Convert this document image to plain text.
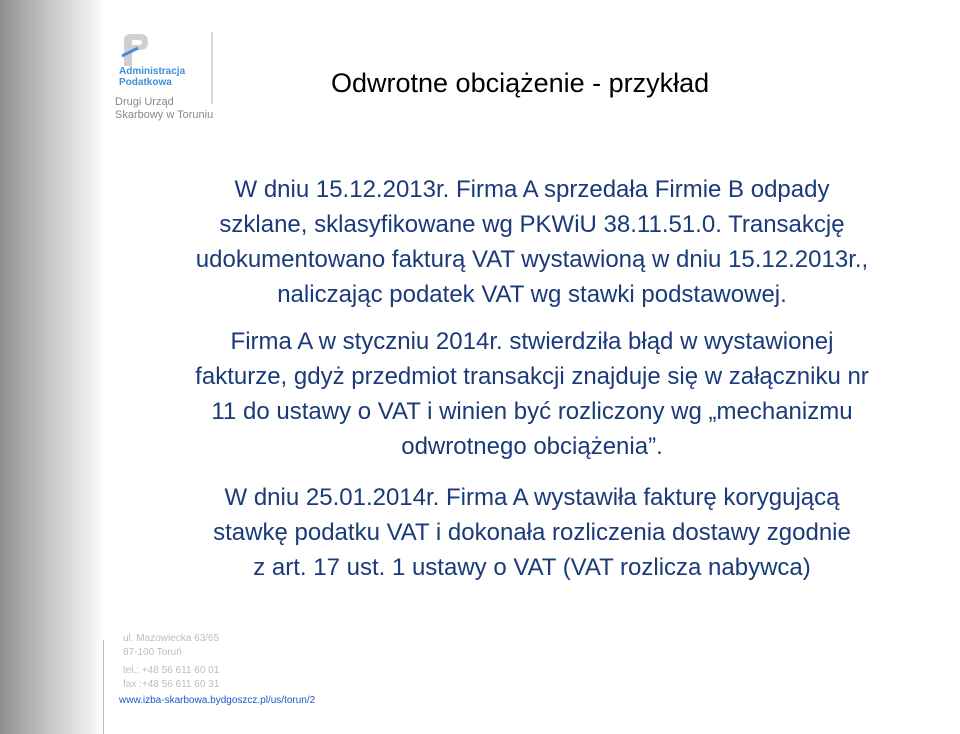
Administracja
Podatkowa
Drugi Urząd
Skarbowy w Toruniu
Odwrotne obciążenie - przykład
W dniu 15.12.2013r. Firma A sprzedała Firmie B odpady
szklane, sklasyfikowane wg PKWiU 38.11.51.0. Transakcję
udokumentowano fakturą VAT wystawioną w dniu 15.12.2013r.,
naliczając podatek VAT wg stawki podstawowej.
Firma A w styczniu 2014r. stwierdziła błąd w wystawionej
fakturze, gdyż przedmiot transakcji znajduje się w załączniku nr
11 do ustawy o VAT i winien być rozliczony wg „mechanizmu
odwrotnego obciążenia”.
W dniu 25.01.2014r. Firma A wystawiła fakturę korygującą
stawkę podatku VAT i dokonała rozliczenia dostawy zgodnie
z art. 17 ust. 1 ustawy o VAT (VAT rozlicza nabywca)
ul. Mazowiecka 63/65
87-100 Toruń
tel.: +48 56 611 60 01
fax :+48 56 611 60 31
www.izba-skarbowa.bydgoszcz.pl/us/torun/2
